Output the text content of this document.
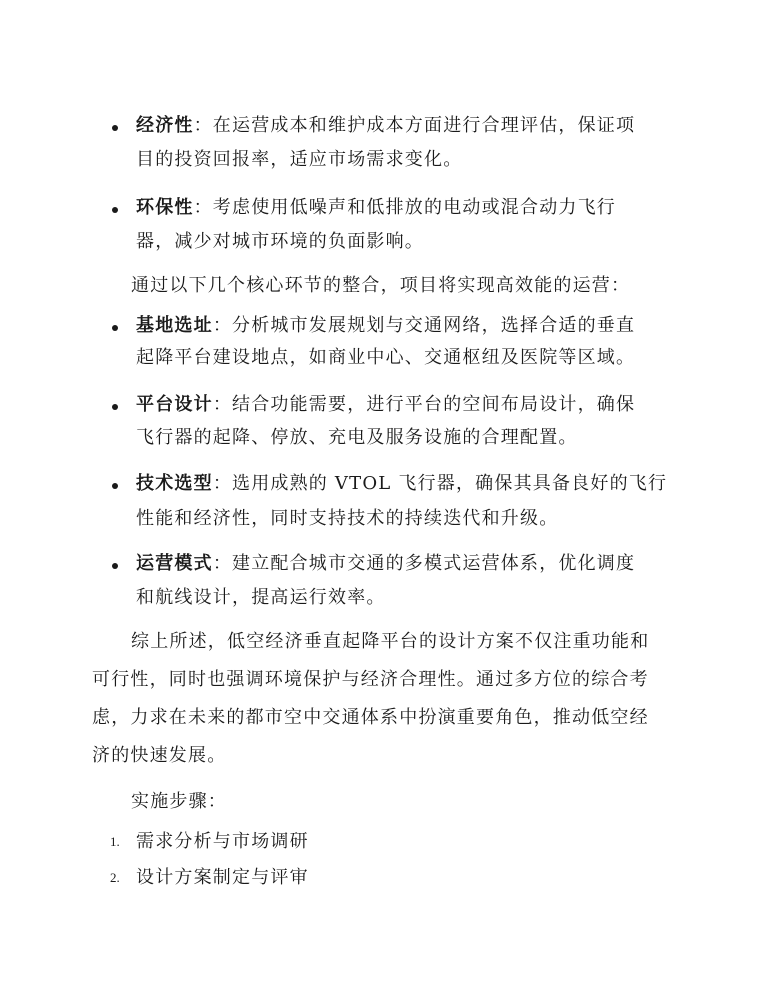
经济性：在运营成本和维护成本方面进行合理评估，保证项
目的投资回报率，适应市场需求变化。
环保性：考虑使用低噪声和低排放的电动或混合动力飞行
器，减少对城市环境的负面影响。
通过以下几个核心环节的整合，项目将实现高效能的运营：
基地选址：分析城市发展规划与交通网络，选择合适的垂直
起降平台建设地点，如商业中心、交通枢纽及医院等区域。
平台设计：结合功能需要，进行平台的空间布局设计，确保
飞行器的起降、停放、充电及服务设施的合理配置。
技术选型：选用成熟的 VTOL 飞行器，确保其具备良好的飞行
性能和经济性，同时支持技术的持续迭代和升级。
运营模式：建立配合城市交通的多模式运营体系，优化调度
和航线设计，提高运行效率。
综上所述，低空经济垂直起降平台的设计方案不仅注重功能和
可行性，同时也强调环境保护与经济合理性。通过多方位的综合考
虑，力求在未来的都市空中交通体系中扮演重要角色，推动低空经
济的快速发展。
实施步骤：
1. 需求分析与市场调研
2. 设计方案制定与评审
